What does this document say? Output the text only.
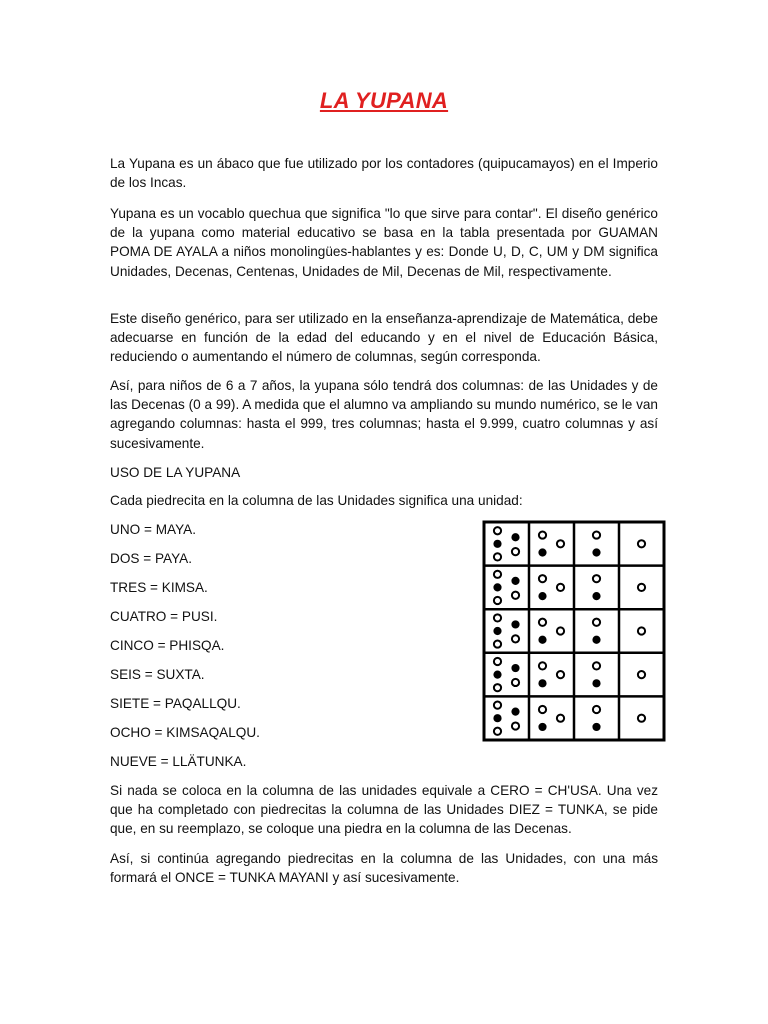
LA YUPANA

La Yupana es un ábaco que fue utilizado por los contadores (quipucamayos) en el Imperio de los Incas.

Yupana es un vocablo quechua que significa "lo que sirve para contar". El diseño genérico de la yupana como material educativo se basa en la tabla presentada por GUAMAN POMA DE AYALA a niños monolingües-hablantes y es: Donde U, D, C, UM y DM significa Unidades, Decenas, Centenas, Unidades de Mil, Decenas de Mil, respectivamente.

Este diseño genérico, para ser utilizado en la enseñanza-aprendizaje de Matemática, debe adecuarse en función de la edad del educando y en el nivel de Educación Básica, reduciendo o aumentando el número de columnas, según corresponda.

Así, para niños de 6 a 7 años, la yupana sólo tendrá dos columnas: de las Unidades y de las Decenas (0 a 99). A medida que el alumno va ampliando su mundo numérico, se le van agregando columnas: hasta el 999, tres columnas; hasta el 9.999, cuatro columnas y así sucesivamente.

USO DE LA YUPANA

Cada piedrecita en la columna de las Unidades significa una unidad:

UNO = MAYA.

DOS = PAYA.

TRES = KIMSA.

CUATRO = PUSI.

CINCO = PHISQA.

SEIS = SUXTA.

SIETE = PAQALLQU.

OCHO = KIMSAQALQU.

NUEVE = LLÄTUNKA.

Si nada se coloca en la columna de las unidades equivale a CERO = CH'USA. Una vez que ha completado con piedrecitas la columna de las Unidades DIEZ = TUNKA, se pide que, en su reemplazo, se coloque una piedra en la columna de las Decenas.

Así, si continúa agregando piedrecitas en la columna de las Unidades, con una más formará el ONCE = TUNKA MAYANI y así sucesivamente.
